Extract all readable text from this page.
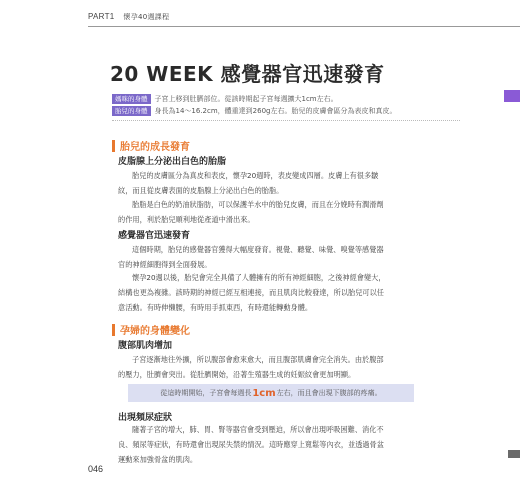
PART1 懷孕40週課程
20 WEEK 感覺器官迅速發育
媽咪的身體	子宮上移到肚臍部位。從該時期起子宮每週擴大1cm左右。
胎兒的身體	身長為14～16.2cm，體重達到260g左右。胎兒的皮膚會區分為表皮和真皮。
胎兒的成長發育
皮脂腺上分泌出白色的胎脂
胎兒的皮膚區分為真皮和表皮，懷孕20週時，表皮變成四層。皮膚上有很多皺
紋，而且從皮膚表面的皮脂腺上分泌出白色的胎脂。
胎脂是白色的奶油狀脂肪，可以保護羊水中的胎兒皮膚，而且在分娩時有潤滑劑
的作用，利於胎兒順利地從產道中滑出來。
感覺器官迅速發育
這個時期，胎兒的感覺器官獲得大幅度發育。視覺、聽覺、味覺、嗅覺等感覺器
官的神經細胞得到全面發展。
懷孕20週以後，胎兒會完全具備了人體擁有的所有神經細胞，之後神經會變大，
結構也更為複雜。該時期的神經已經互相連接，而且肌肉比較發達，所以胎兒可以任
意活動。有時伸懶腰，有時用手抓東西，有時還能轉動身體。
孕婦的身體變化
腹部肌肉增加
子宮逐漸地往外擴，所以腹部會愈來愈大，而且腹部肌膚會完全消失。由於腹部
的壓力，肚臍會突出。從肚臍開始，沿著生殖器生成的妊娠紋會更加明顯。
從這時期開始，子宮會每週長 1cm 左右，而且會出現下腹部的疼痛。
出現頻尿症狀
隨著子宮的增大，肺、胃、腎等器官會受到壓迫，所以會出現呼吸困難、消化不
良、頻尿等症狀，有時還會出現尿失禁的情況。這時應穿上寬鬆等內衣，並透過骨盆
運動來加強骨盆的肌肉。
046
